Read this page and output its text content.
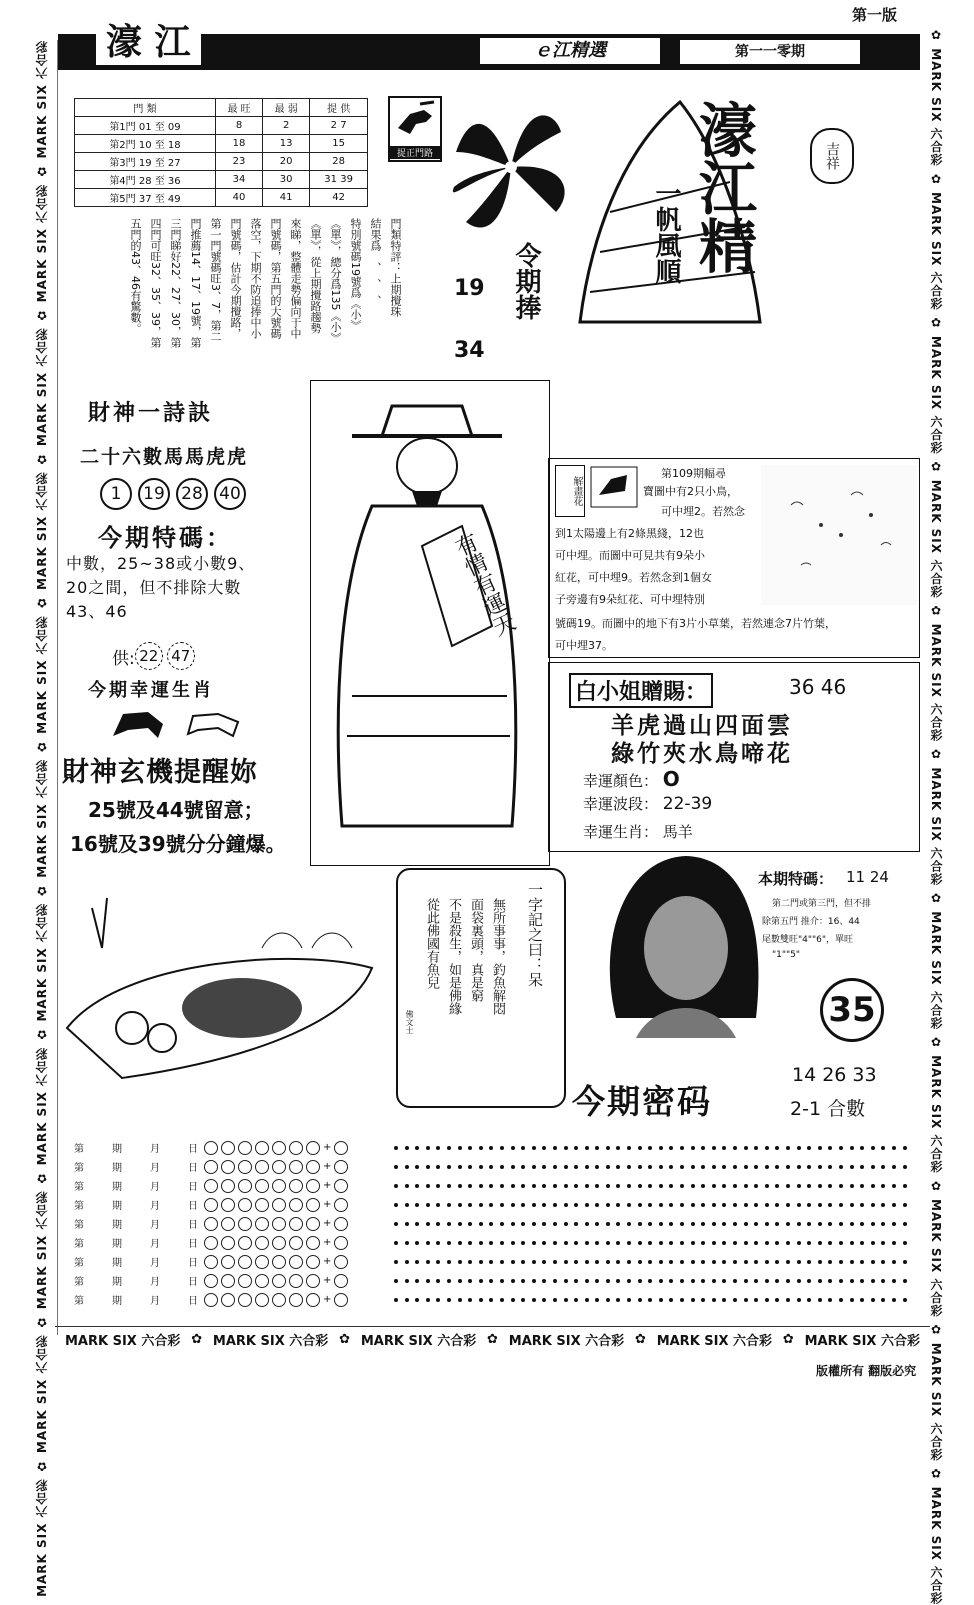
第一版
濠 江	ｅ江精選	第一一零期
MARK SIX 六合彩 ✿ MARK SIX 六合彩 ✿ MARK SIX 六合彩 ✿ MARK SIX 六合彩 ✿ MARK SIX 六合彩 ✿ MARK SIX 六合彩 ✿ MARK SIX 六合彩 ✿ MARK SIX 六合彩 ✿ MARK SIX 六合彩 ✿ MARK SIX 六合彩 ✿ MARK SIX 六合彩
✿ MARK SIX 六合彩 ✿ MARK SIX 六合彩 ✿ MARK SIX 六合彩 ✿ MARK SIX 六合彩 ✿ MARK SIX 六合彩 ✿ MARK SIX 六合彩 ✿ MARK SIX 六合彩 ✿ MARK SIX 六合彩 ✿ MARK SIX 六合彩 ✿ MARK SIX 六合彩 ✿ MARK SIX 六合彩
門 類	最 旺	最 弱	提 供
第1門 01 至 09	8	2	2 7
第2門 10 至 18	18	13	15
第3門 19 至 27	23	20	28
第4門 28 至 36	34	30	31 39
第5門 37 至 49	40	41	42
門類特評：上期攪珠
結果爲　、　、　、
特別號碼19號爲《小》
《單》，總分爲135《小》
《單》，從上期攪路趨勢
來睇，整體走勢偏向于中
門號碼，第五門的大號碼
落空，下期不防追捧中小
門號碼，估計今期攪路，
第一門號碼旺3、7，第二
門推薦14、17、19號，第
三門睇好22、27、30，第
四門可旺32、35、39，第
五門的43、46有驚數。
捉正門路	濠江精
一帆風順
吉祥
19 34
令期捧
財神一詩訣
二十六數馬馬虎虎
1	19 28 40
今期特碼：
中數，25~38或小數9、20之間，但不排除大數43、46
供: 22 47
今期幸運生肖
財神玄機提醒妳
25號及44號留意；
16號及39號分分鐘爆。
有情有運天
解畫花
第109期幅尋
寶圖中有2只小鳥，
可中埋2。若然念
到1太陽邊上有2條黑綫，12也
可中埋。而圖中可見共有9朵小
紅花，可中埋9。若然念到1個女
子旁邊有9朵紅花、可中埋特別
號碼19。而圖中的地下有3片小草葉，若然連念7片竹葉，
可中埋37。
白小姐贈賜：	36 46
羊虎過山四面雲
綠竹夾水鳥啼花
幸運顏色： O
幸運波段： 22-39
幸運生肖： 馬羊
一字記之曰：呆
無所事事，釣魚解悶
面袋裏頭，真是窮
不是殺生，如是佛緣
從此佛國有魚兒
佛文士
本期特碼： 11 24
第二門或第三門，但不排
除第五門 推介：16、44
尾數雙旺"4""6"，單旺
"1""5"
35
今期密码
14 26 33
2-1 合數
第	期	月	日	+
第	期	月	日	+
第	期	月	日	+
第	期	月	日	+
第	期	月	日	+
第	期	月	日	+
第	期	月	日	+
第	期	月	日	+
第	期	月	日	+
MARK SIX 六合彩 ✿ MARK SIX 六合彩 ✿ MARK SIX 六合彩 ✿ MARK SIX 六合彩 ✿ MARK SIX 六合彩 ✿ MARK SIX 六合彩
版權所有 翻版必究
